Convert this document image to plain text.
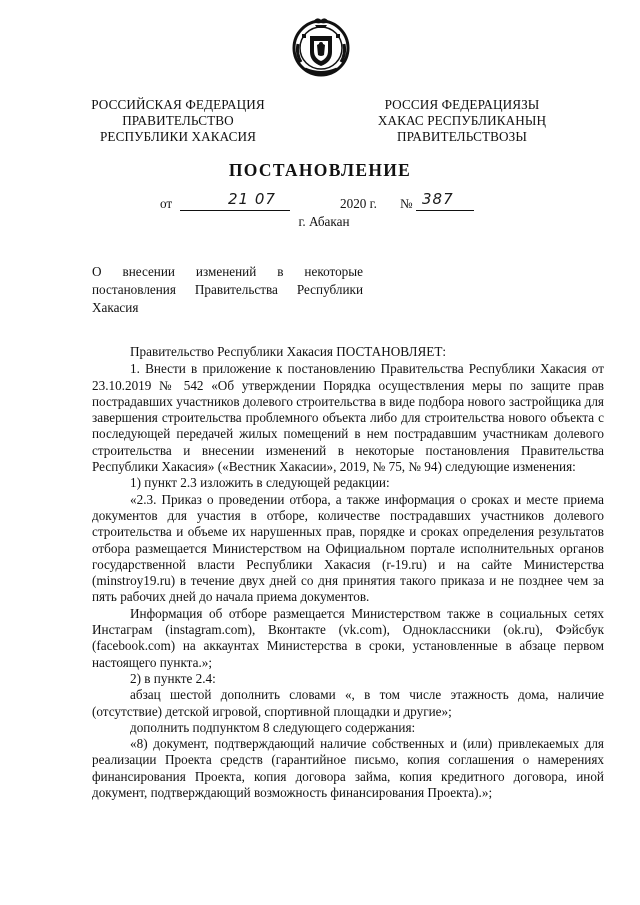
РОССИЙСКАЯ ФЕДЕРАЦИЯ
ПРАВИТЕЛЬСТВО
РЕСПУБЛИКИ ХАКАСИЯ
РОССИЯ ФЕДЕРАЦИЯЗЫ
ХАКАС РЕСПУБЛИКАНЫҢ
ПРАВИТЕЛЬСТВОЗЫ
ПОСТАНОВЛЕНИЕ
от	21 07	2020 г. № 387
г. Абакан
О внесении изменений в некоторые
постановления Правительства Республики
Хакасия

Правительство Республики Хакасия ПОСТАНОВЛЯЕТ:

1. Внести в приложение к постановлению Правительства Республики Хакасия от 23.10.2019 № 542 «Об утверждении Порядка осуществления меры по защите прав пострадавших участников долевого строительства в виде подбора нового застройщика для завершения строительства проблемного объекта либо для строительства нового объекта с последующей передачей жилых помещений в нем пострадавшим участникам долевого строительства и внесении изменений в некоторые постановления Правительства Республики Хакасия» («Вестник Хакасии», 2019, № 75, № 94) следующие изменения:

1) пункт 2.3 изложить в следующей редакции:

«2.3. Приказ о проведении отбора, а также информация о сроках и месте приема документов для участия в отборе, количестве пострадавших участников долевого строительства и объеме их нарушенных прав, порядке и сроках определения результатов отбора размещается Министерством на Официальном портале исполнительных органов государственной власти Республики Хакасия (r-19.ru) и на сайте Министерства (minstroy19.ru) в течение двух дней со дня принятия такого приказа и не позднее чем за пять рабочих дней до начала приема документов.

Информация об отборе размещается Министерством также в социальных сетях Инстаграм (instagram.com), Вконтакте (vk.com), Одноклассники (ok.ru), Фэйсбук (facebook.com) на аккаунтах Министерства в сроки, установленные в абзаце первом настоящего пункта.»;

2) в пункте 2.4:

абзац шестой дополнить словами «, в том числе этажность дома, наличие (отсутствие) детской игровой, спортивной площадки и другие»;

дополнить подпунктом 8 следующего содержания:

«8) документ, подтверждающий наличие собственных и (или) привлекаемых для реализации Проекта средств (гарантийное письмо, копия соглашения о намерениях финансирования Проекта, копия договора займа, копия кредитного договора, иной документ, подтверждающий возможность финансирования Проекта).»;
